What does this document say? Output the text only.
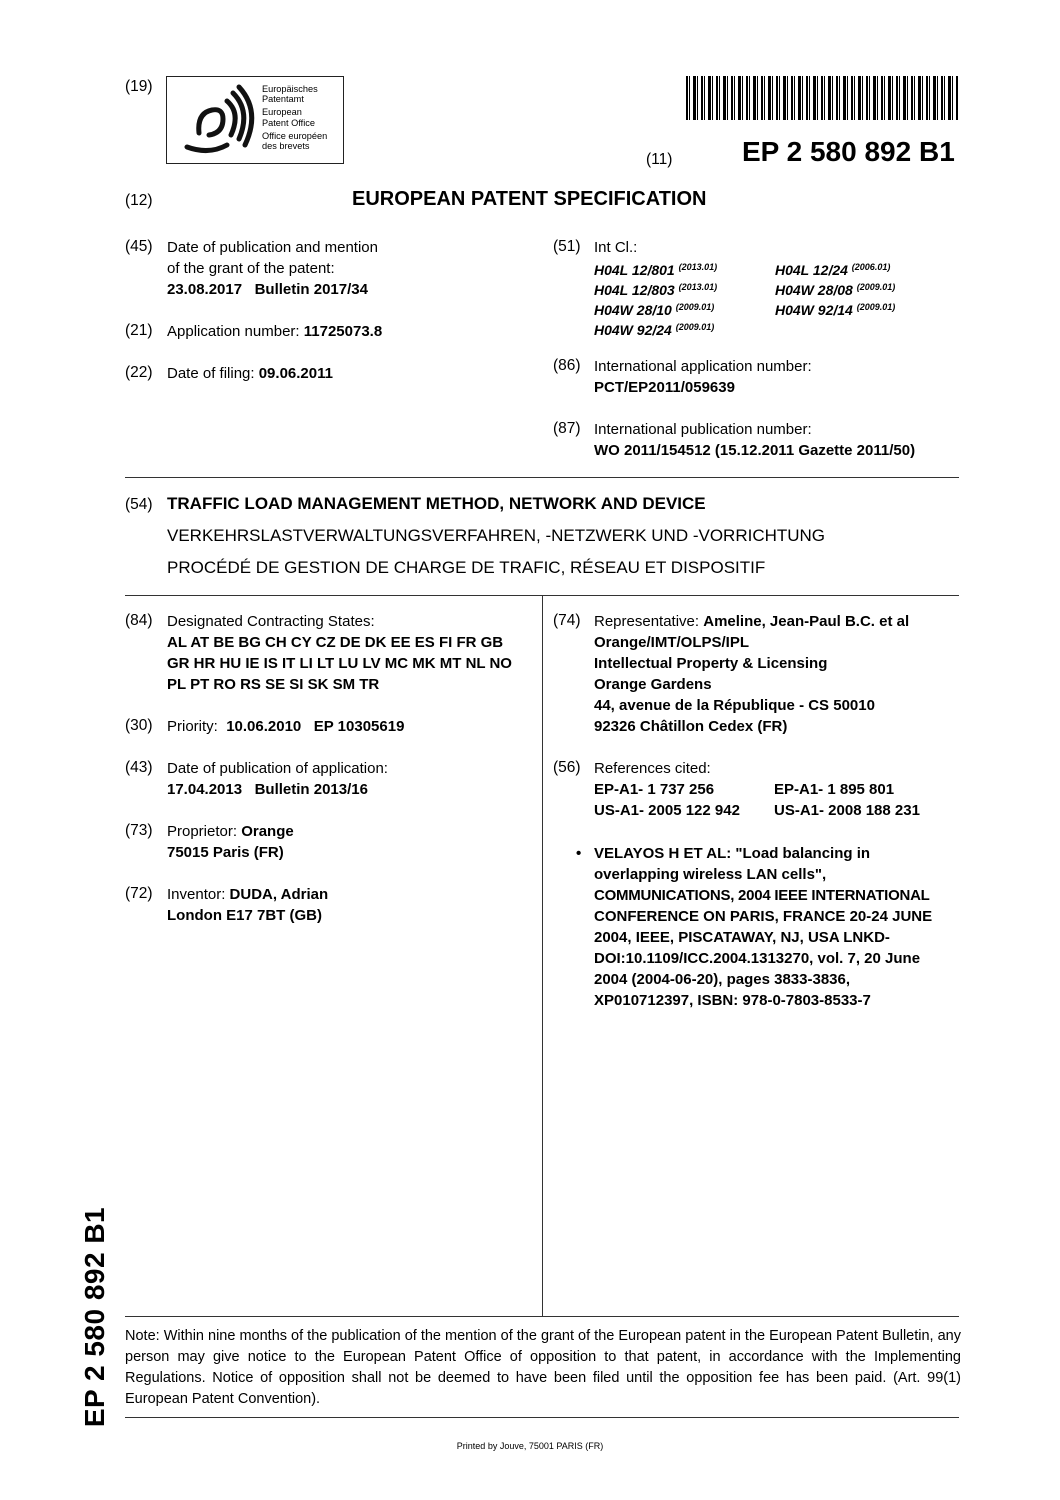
(19)	Europäisches
Patentamt
European
Patent Office
Office européen
des brevets
(11) EP 2 580 892 B1
(12)	EUROPEAN PATENT SPECIFICATION
(45) Date of publication and mention
of the grant of the patent:
23.08.2017   Bulletin 2017/34
(21) Application number: 11725073.8
(22) Date of filing: 09.06.2011
(51) Int Cl.:
H04L 12/801 $^{(2013.01)}$	H04L 12/24 $^{(2006.01)}$
H04L 12/803 $^{(2013.01)}$	H04W 28/08 $^{(2009.01)}$
H04W 28/10 $^{(2009.01)}$	H04W 92/14 $^{(2009.01)}$
H04W 92/24 $^{(2009.01)}$
(86) International application number:
PCT/EP2011/059639
(87) International publication number:
WO 2011/154512 (15.12.2011 Gazette 2011/50)
(54) TRAFFIC LOAD MANAGEMENT METHOD, NETWORK AND DEVICE
VERKEHRSLASTVERWALTUNGSVERFAHREN, -NETZWERK UND -VORRICHTUNG
PROCÉDÉ DE GESTION DE CHARGE DE TRAFIC, RÉSEAU ET DISPOSITIF
(84) Designated Contracting States:
AL AT BE BG CH CY CZ DE DK EE ES FI FR GB
GR HR HU IE IS IT LI LT LU LV MC MK MT NL NO
PL PT RO RS SE SI SK SM TR
(30) Priority:  10.06.2010   EP 10305619
(43) Date of publication of application:
17.04.2013   Bulletin 2013/16
(73) Proprietor: Orange
75015 Paris (FR)
(72) Inventor: DUDA, Adrian
London E17 7BT (GB)
(74) Representative: Ameline, Jean-Paul B.C. et al
Orange/IMT/OLPS/IPL
Intellectual Property & Licensing
Orange Gardens
44, avenue de la République - CS 50010
92326 Châtillon Cedex (FR)
(56) References cited:
EP-A1- 1 737 256	EP-A1- 1 895 801
US-A1- 2005 122 942 US-A1- 2008 188 231
• VELAYOS H ET AL: "Load balancing in
overlapping wireless LAN cells",
COMMUNICATIONS, 2004 IEEE INTERNATIONAL
CONFERENCE ON PARIS, FRANCE 20-24 JUNE
2004, IEEE, PISCATAWAY, NJ, USA LNKD-
DOI:10.1109/ICC.2004.1313270, vol. 7, 20 June
2004 (2004-06-20), pages 3833-3836,
XP010712397, ISBN: 978-0-7803-8533-7
EP 2 580 892 B1 Note: Within nine months of the publication of the mention of the grant of the European patent in the European Patent Bulletin, any person may give notice to the European Patent Office of opposition to that patent, in accordance with the Implementing Regulations. Notice of opposition shall not be deemed to have been filed until the opposition fee has been paid. (Art. 99(1) European Patent Convention).
Printed by Jouve, 75001 PARIS (FR)
